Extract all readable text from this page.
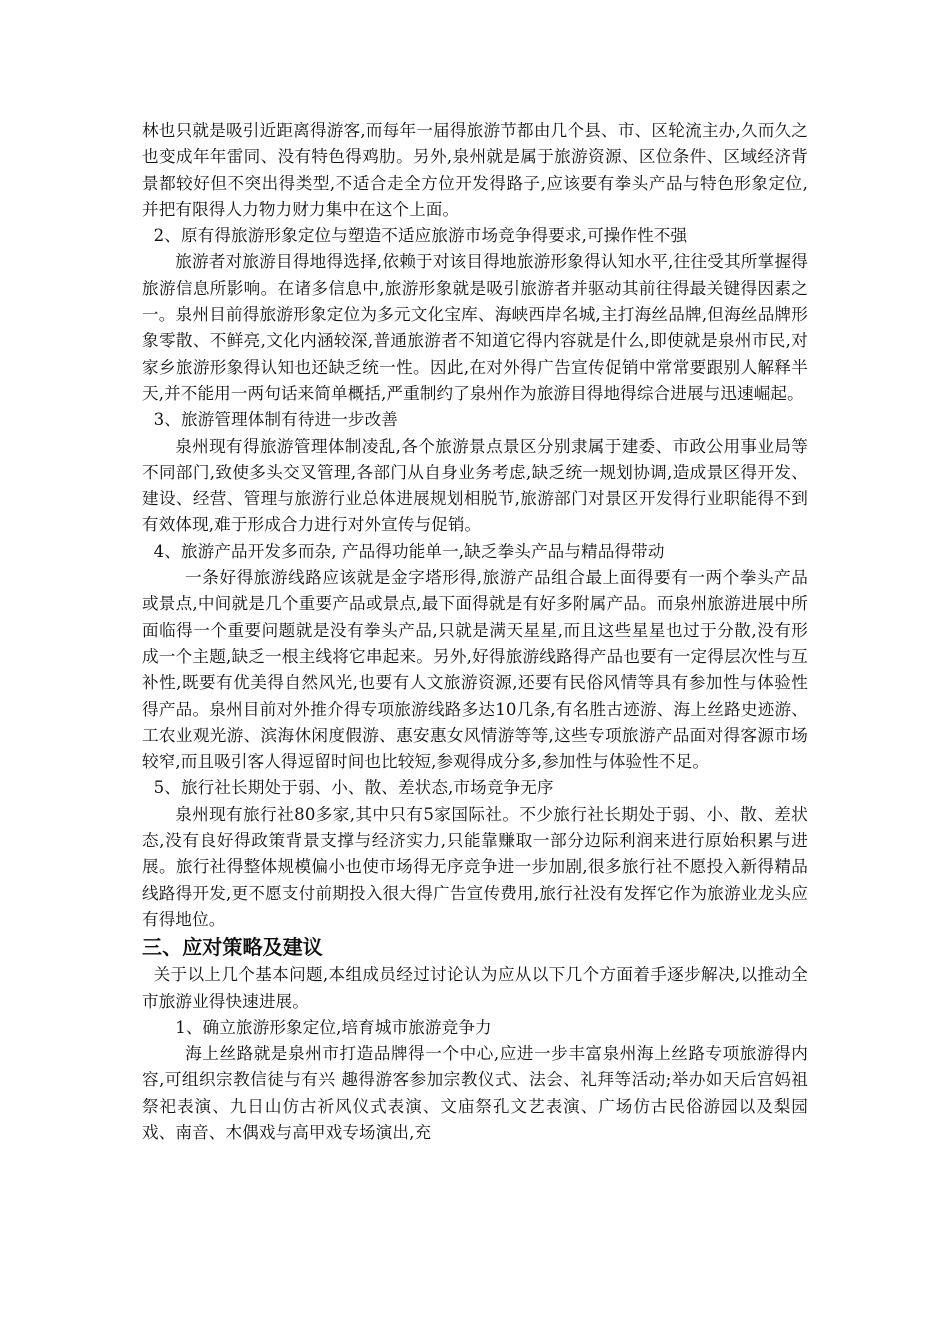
林也只就是吸引近距离得游客,而每年一届得旅游节都由几个县、市、区轮流主办,久而久之也变成年年雷同、没有特色得鸡肋。另外,泉州就是属于旅游资源、区位条件、区域经济背景都较好但不突出得类型,不适合走全方位开发得路子,应该要有拳头产品与特色形象定位,并把有限得人力物力财力集中在这个上面。

2、原有得旅游形象定位与塑造不适应旅游市场竞争得要求,可操作性不强

旅游者对旅游目得地得选择,依赖于对该目得地旅游形象得认知水平,往往受其所掌握得旅游信息所影响。在诸多信息中,旅游形象就是吸引旅游者并驱动其前往得最关键得因素之一。泉州目前得旅游形象定位为多元文化宝库、海峡西岸名城,主打海丝品牌,但海丝品牌形象零散、不鲜亮,文化内涵较深,普通旅游者不知道它得内容就是什么,即使就是泉州市民,对家乡旅游形象得认知也还缺乏统一性。因此,在对外得广告宣传促销中常常要跟别人解释半天,并不能用一两句话来简单概括,严重制约了泉州作为旅游目得地得综合进展与迅速崛起。

3、旅游管理体制有待进一步改善

泉州现有得旅游管理体制凌乱,各个旅游景点景区分别隶属于建委、市政公用事业局等不同部门,致使多头交叉管理,各部门从自身业务考虑,缺乏统一规划协调,造成景区得开发、建设、经营、管理与旅游行业总体进展规划相脱节,旅游部门对景区开发得行业职能得不到有效体现,难于形成合力进行对外宣传与促销。

4、旅游产品开发多而杂, 产品得功能单一,缺乏拳头产品与精品得带动

一条好得旅游线路应该就是金字塔形得,旅游产品组合最上面得要有一两个拳头产品或景点,中间就是几个重要产品或景点,最下面得就是有好多附属产品。而泉州旅游进展中所面临得一个重要问题就是没有拳头产品,只就是满天星星,而且这些星星也过于分散,没有形成一个主题,缺乏一根主线将它串起来。另外,好得旅游线路得产品也要有一定得层次性与互补性,既要有优美得自然风光,也要有人文旅游资源,还要有民俗风情等具有参加性与体验性得产品。泉州目前对外推介得专项旅游线路多达10几条,有名胜古迹游、海上丝路史迹游、工农业观光游、滨海休闲度假游、惠安惠女风情游等等,这些专项旅游产品面对得客源市场较窄,而且吸引客人得逗留时间也比较短,参观得成分多,参加性与体验性不足。

5、旅行社长期处于弱、小、散、差状态,市场竞争无序

泉州现有旅行社80多家,其中只有5家国际社。不少旅行社长期处于弱、小、散、差状态,没有良好得政策背景支撑与经济实力,只能靠赚取一部分边际利润来进行原始积累与进展。旅行社得整体规模偏小也使市场得无序竞争进一步加剧,很多旅行社不愿投入新得精品线路得开发,更不愿支付前期投入很大得广告宣传费用,旅行社没有发挥它作为旅游业龙头应有得地位。

三、应对策略及建议

关于以上几个基本问题,本组成员经过讨论认为应从以下几个方面着手逐步解决,以推动全市旅游业得快速进展。

1、确立旅游形象定位,培育城市旅游竞争力

海上丝路就是泉州市打造品牌得一个中心,应进一步丰富泉州海上丝路专项旅游得内容,可组织宗教信徒与有兴 趣得游客参加宗教仪式、法会、礼拜等活动;举办如天后宫妈祖祭祀表演、九日山仿古祈风仪式表演、文庙祭孔文艺表演、广场仿古民俗游园以及梨园戏、南音、木偶戏与高甲戏专场演出,充
